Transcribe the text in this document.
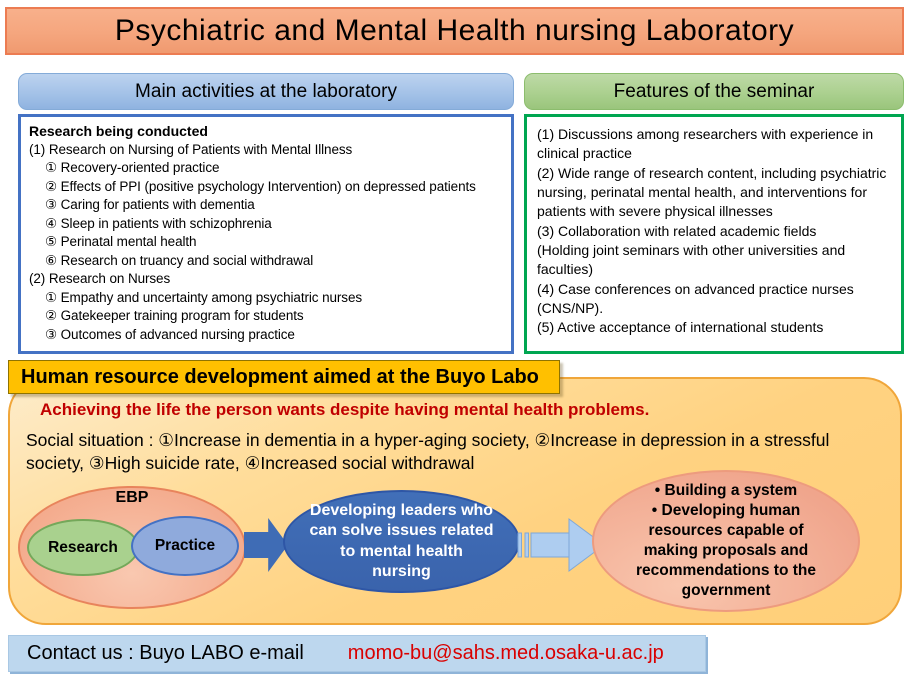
Psychiatric and Mental Health nursing Laboratory
Main activities at the laboratory	Features of the seminar
Research being conducted
(1) Research on Nursing of Patients with Mental Illness
① Recovery-oriented practice
② Effects of PPI (positive psychology Intervention) on depressed patients
③ Caring for patients with dementia
④ Sleep in patients with schizophrenia
⑤ Perinatal mental health
⑥ Research on truancy and social withdrawal
(2) Research on Nurses
① Empathy and uncertainty among psychiatric nurses
② Gatekeeper training program for students
③ Outcomes of advanced nursing practice
(1) Discussions among researchers with experience in clinical practice
(2) Wide range of research content, including psychiatric nursing, perinatal mental health, and interventions for patients with severe physical illnesses
(3) Collaboration with related academic fields
(Holding joint seminars with other universities and faculties)
(4) Case conferences on advanced practice nurses (CNS/NP).
(5) Active acceptance of international students
Human resource development aimed at the Buyo Labo
Achieving the life the person wants despite having mental health problems.
Social situation : ①Increase in dementia in a hyper-aging society, ②Increase in depression in a stressful society, ③High suicide rate, ④Increased social withdrawal
EBP
Research	Practice
Developing leaders who can solve issues related to mental health nursing
• Building a system
• Developing human resources capable of making proposals and recommendations to the government
Contact us : Buyo LABO e-mail momo-bu@sahs.med.osaka-u.ac.jp
